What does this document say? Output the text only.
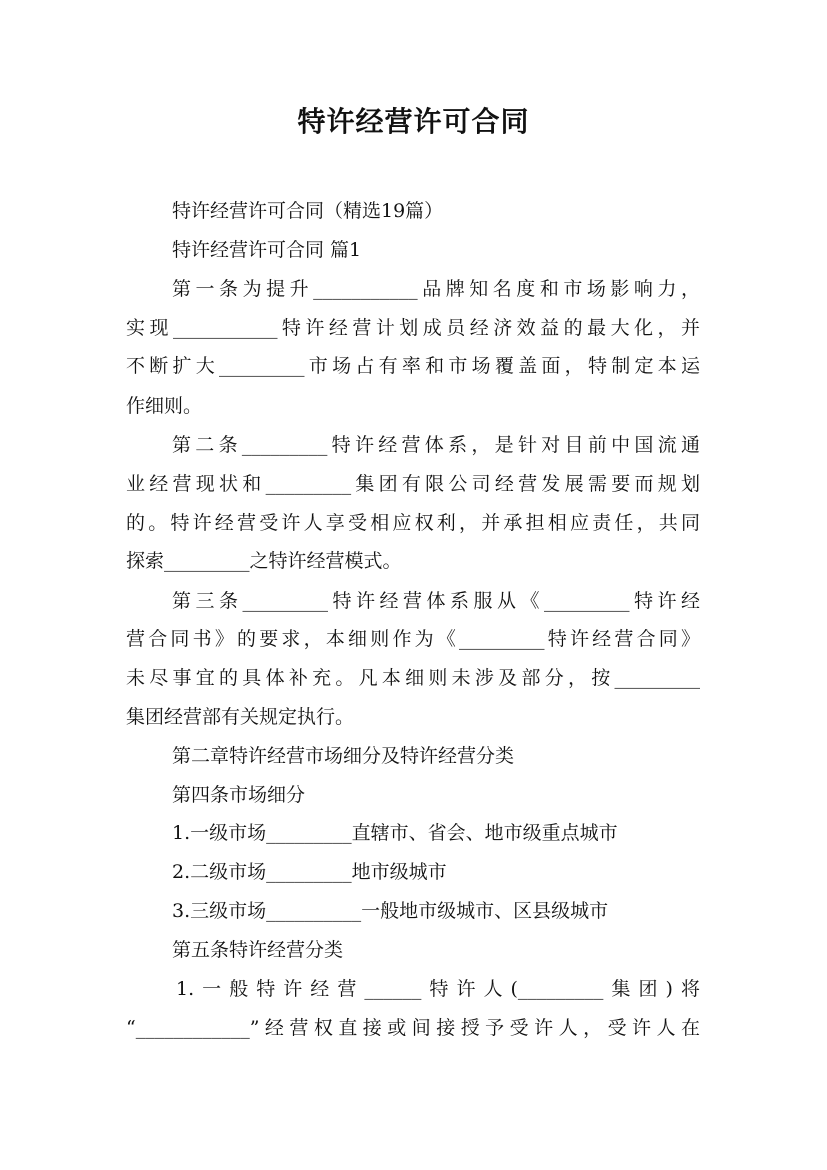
特许经营许可合同

特许经营许可合同（精选19篇）

特许经营许可合同 篇1

第一条为提升___________品牌知名度和市场影响力，

实现___________特许经营计划成员经济效益的最大化，并

不断扩大_________市场占有率和市场覆盖面，特制定本运

作细则。

第二条_________特许经营体系，是针对目前中国流通

业经营现状和_________集团有限公司经营发展需要而规划

的。特许经营受许人享受相应权利，并承担相应责任，共同

探索_________之特许经营模式。

第三条_________特许经营体系服从《_________特许经

营合同书》的要求，本细则作为《_________特许经营合同》

未尽事宜的具体补充。凡本细则未涉及部分，按_________

集团经营部有关规定执行。

第二章特许经营市场细分及特许经营分类

第四条市场细分

1.一级市场_________直辖市、省会、地市级重点城市

2.二级市场_________地市级城市

3.三级市场__________一般地市级城市、区县级城市

第五条特许经营分类

1.一般特许经营______特许人(_________集团)将

“____________”经营权直接或间接授予受许人，受许人在
